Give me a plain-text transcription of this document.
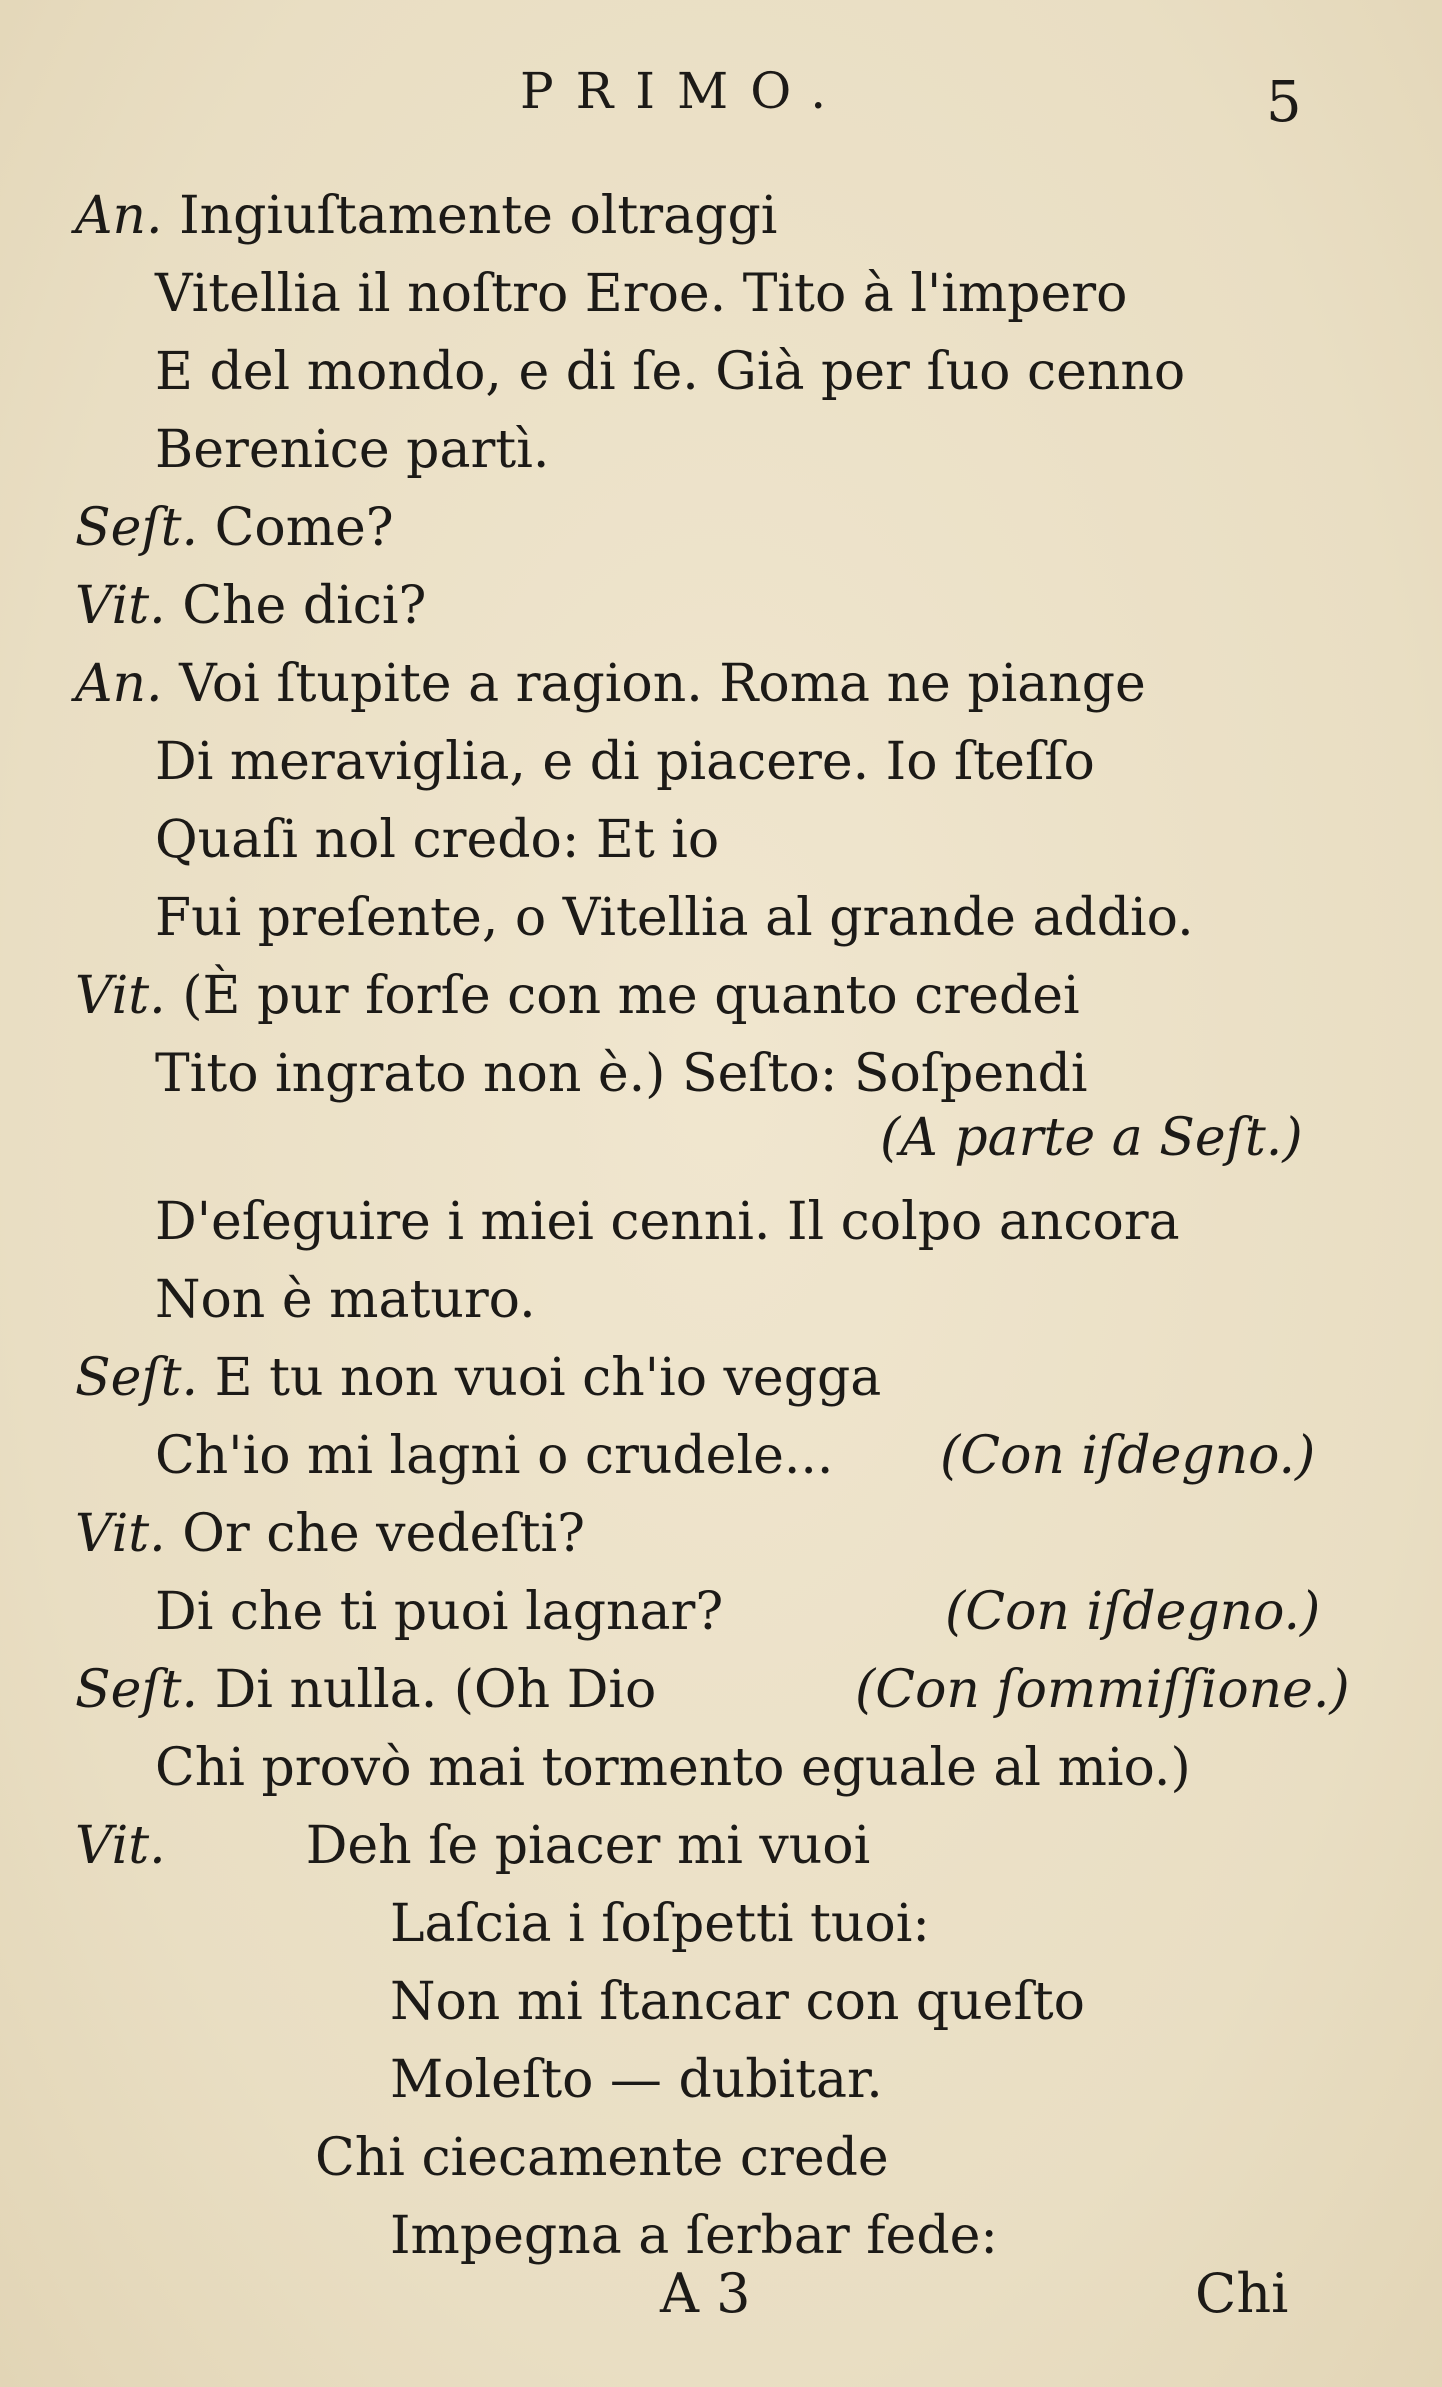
PRIMO.	5
An. Ingiuſtamente oltraggi
Vitellia il noſtro Eroe. Tito à l'impero
E del mondo, e di ſe. Già per ſuo cenno
Berenice partì.
Seſt. Come?
Vit. Che dici?
An. Voi ſtupite a ragion. Roma ne piange
Di meraviglia, e di piacere. Io ſteſſo
Quaſi nol credo: Et io
Fui preſente, o Vitellia al grande addio.
Vit. (È pur forſe con me quanto credei
Tito ingrato non è.) Seſto: Soſpendi
(A parte a Seſt.)
D'eſeguire i miei cenni. Il colpo ancora
Non è maturo.
Seſt. E tu non vuoi ch'io vegga
Ch'io mi lagni o crudele... (Con iſdegno.)
Vit. Or che vedeſti?
Di che ti puoi lagnar?	(Con iſdegno.)
Seſt. Di nulla. (Oh Dio	(Con ſommiſſione.)
Chi provò mai tormento eguale al mio.)
Vit.	Deh ſe piacer mi vuoi
Laſcia i ſoſpetti tuoi:
Non mi ſtancar con queſto
Moleſto — dubitar.
Chi ciecamente crede
Impegna a ſerbar fede:
A 3	Chi
